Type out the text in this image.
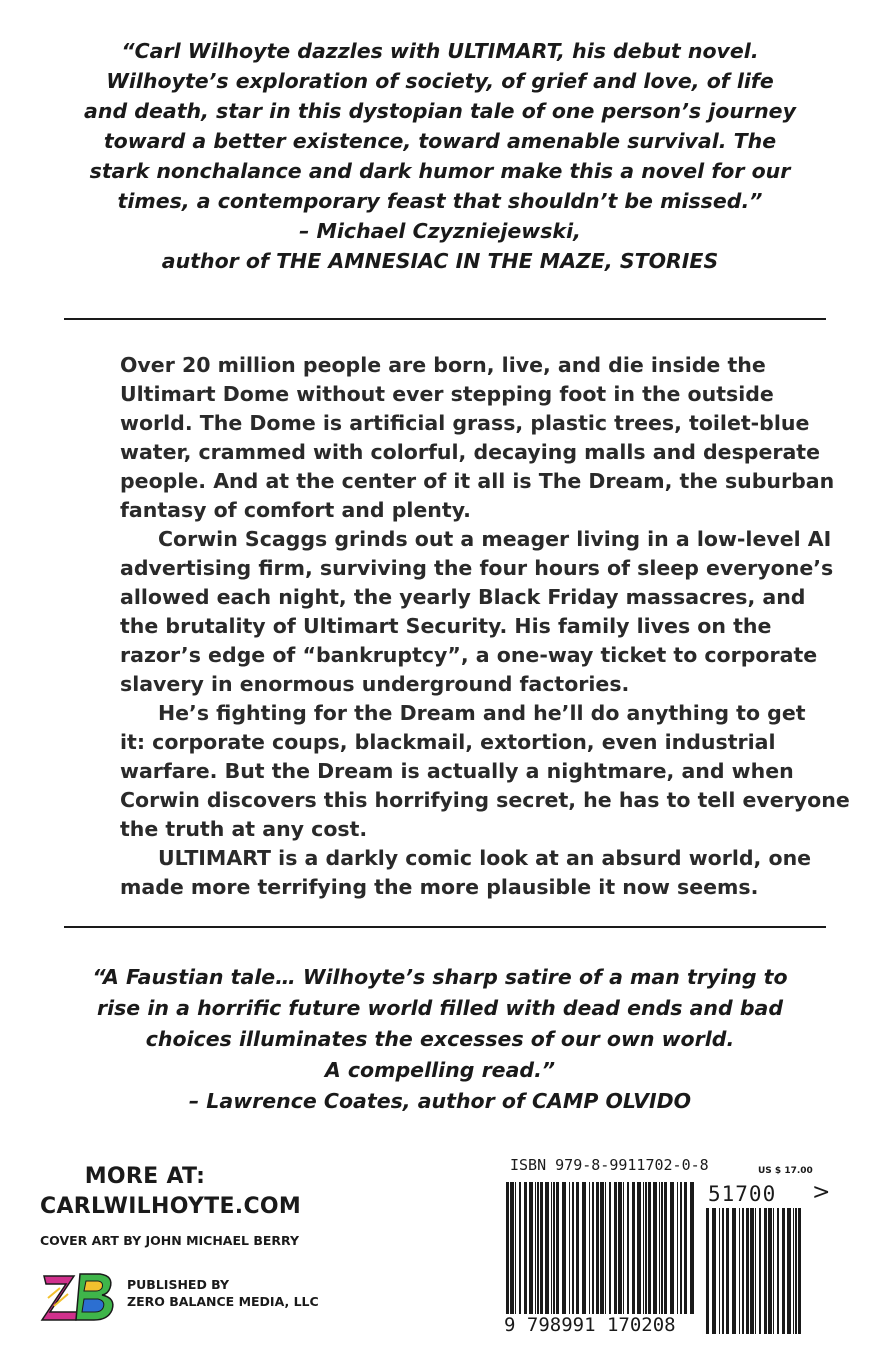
“Carl Wilhoyte dazzles with ULTIMART, his debut novel.
Wilhoyte’s exploration of society, of grief and love, of life
and death, star in this dystopian tale of one person’s journey
toward a better existence, toward amenable survival. The
stark nonchalance and dark humor make this a novel for our
times, a contemporary feast that shouldn’t be missed.”
– Michael Czyzniejewski,
author of THE AMNESIAC IN THE MAZE, STORIES
Over 20 million people are born, live, and die inside the
Ultimart Dome without ever stepping foot in the outside
world. The Dome is artificial grass, plastic trees, toilet-blue
water, crammed with colorful, decaying malls and desperate
people. And at the center of it all is The Dream, the suburban
fantasy of comfort and plenty.
Corwin Scaggs grinds out a meager living in a low-level AI
advertising firm, surviving the four hours of sleep everyone’s
allowed each night, the yearly Black Friday massacres, and
the brutality of Ultimart Security. His family lives on the
razor’s edge of “bankruptcy”, a one-way ticket to corporate
slavery in enormous underground factories.
He’s fighting for the Dream and he’ll do anything to get
it: corporate coups, blackmail, extortion, even industrial
warfare. But the Dream is actually a nightmare, and when
Corwin discovers this horrifying secret, he has to tell everyone
the truth at any cost.
ULTIMART is a darkly comic look at an absurd world, one
made more terrifying the more plausible it now seems.
“A Faustian tale… Wilhoyte’s sharp satire of a man trying to
rise in a horrific future world filled with dead ends and bad
choices illuminates the excesses of our own world.
A compelling read.”
– Lawrence Coates, author of CAMP OLVIDO
MORE AT:
CARLWILHOYTE.COM
COVER ART BY JOHN MICHAEL BERRY
PUBLISHED BY
ZERO BALANCE MEDIA, LLC
ISBN 979-8-9911702-0-8	US $ 17.00
51700 >
9 798991 170208
